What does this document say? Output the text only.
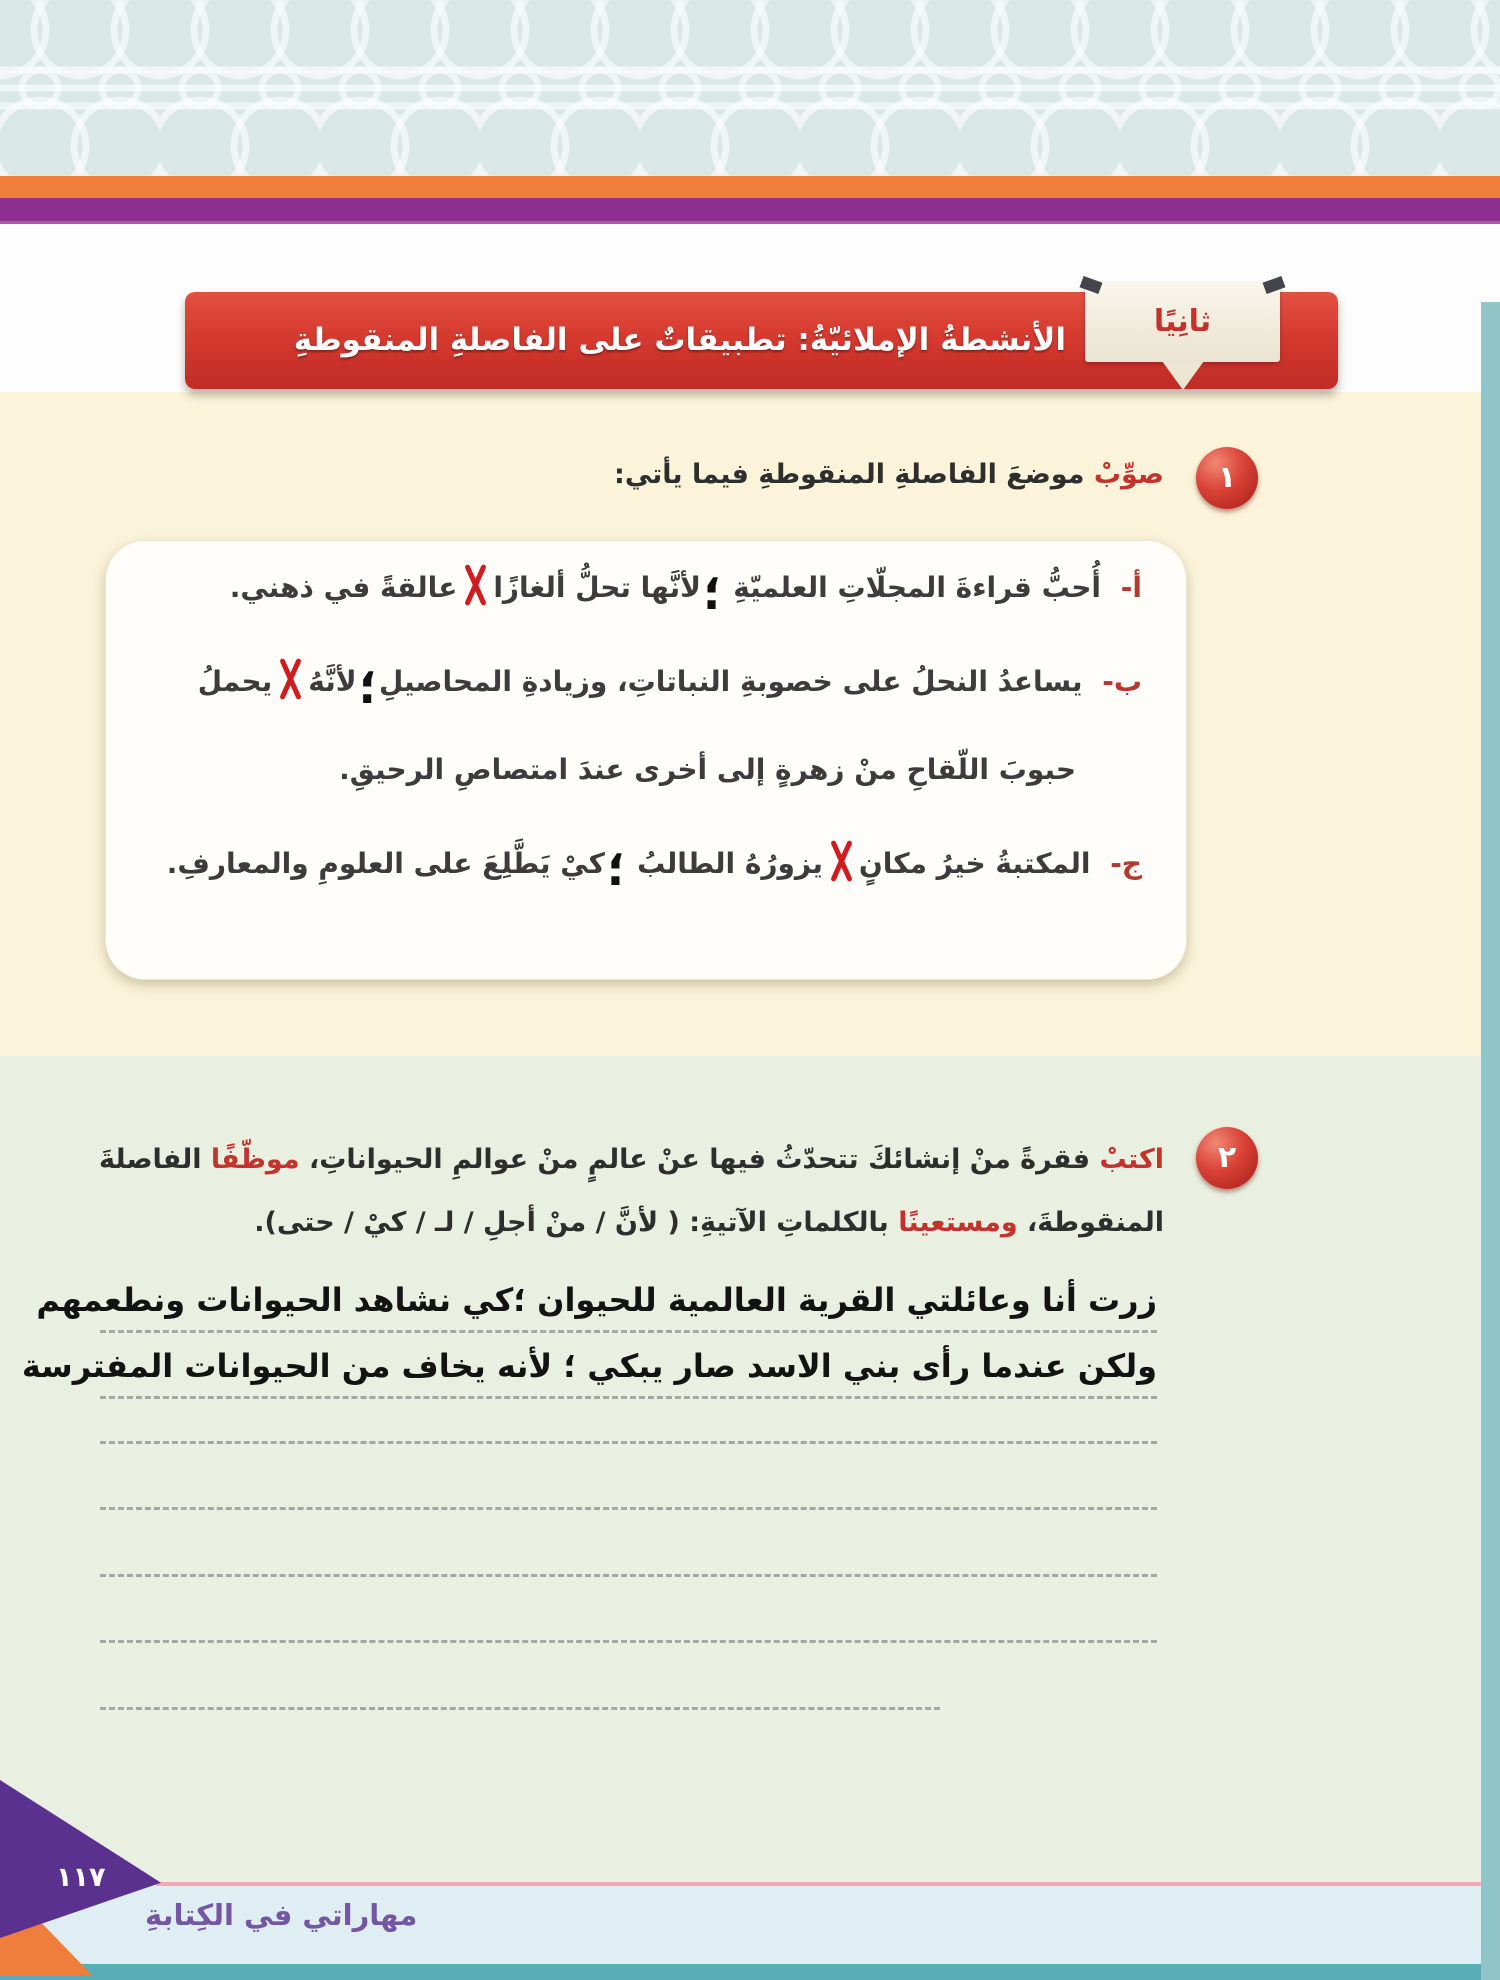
الأنشطةُ الإملائيّةُ: تطبيقاتٌ على الفاصلةِ المنقوطةِ
ثانِيًا
١
صوِّبْ موضعَ الفاصلةِ المنقوطةِ فيما يأتي:
أ- أُحبُّ قراءةَ المجلّاتِ العلميّةِ ؛لأنَّها تحلُّ ألغازًا
عالقةً في ذهني.
ب- يساعدُ النحلُ على خصوبةِ النباتاتِ، وزيادةِ المحاصيلِ؛لأنَّهُ
يحملُ
حبوبَ اللّقاحِ منْ زهرةٍ إلى أخرى عندَ امتصاصِ الرحيقِ.
ج- المكتبةُ خيرُ مكانٍ
يزورُهُ الطالبُ ؛كيْ يَطَّلِعَ على العلومِ والمعارفِ.
٢
اكتبْ فقرةً منْ إنشائكَ تتحدّثُ فيها عنْ عالمٍ منْ عوالمِ الحيواناتِ، موظّفًا الفاصلةَ
المنقوطةَ، ومستعينًا بالكلماتِ الآتيةِ: ( لأنَّ / منْ أجلِ / لـ / كيْ / حتى).
زرت أنا وعائلتي القرية العالمية للحيوان ؛كي نشاهد الحيوانات ونطعمهم
ولكن عندما رأى بني الاسد صار يبكي ؛ لأنه يخاف من الحيوانات المفترسة
مهاراتي في الكِتابةِ
١١٧
